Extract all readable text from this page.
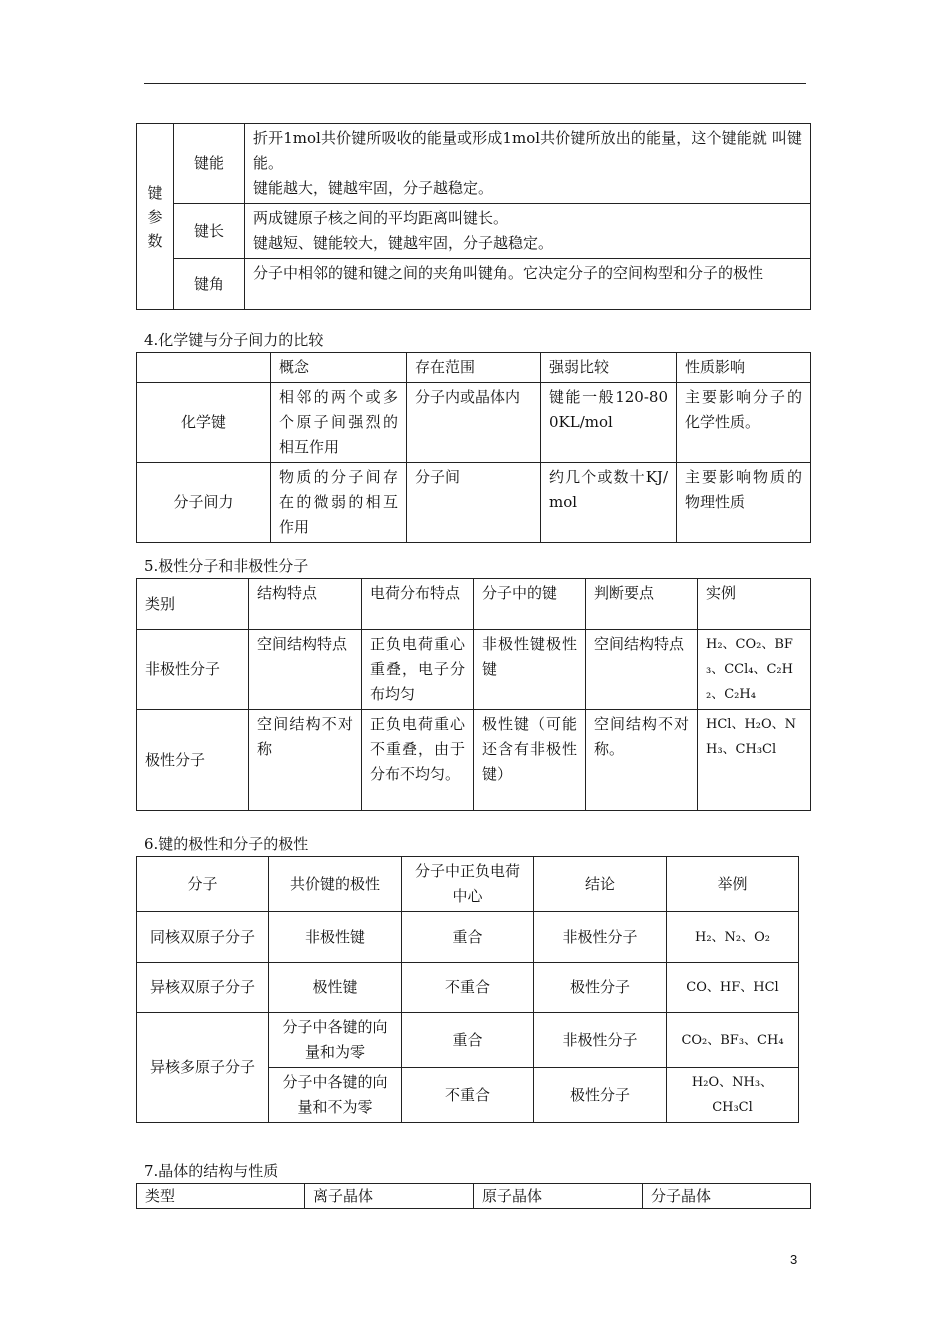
键
参
数	键能	折开1mol共价键所吸收的能量或形成1mol共价键所放出的能量，这个键能就 叫键能。
键能越大，键越牢固，分子越稳定。
	键长	两成键原子核之间的平均距离叫键长。
键越短、键能较大，键越牢固，分子越稳定。
	键角	分子中相邻的键和键之间的夹角叫键角。它决定分子的空间构型和分子的极性
4.化学键与分子间力的比较
	概念	存在范围	强弱比较	性质影响
化学键	相邻的两个或多个原子间强烈的相互作用	分子内或晶体内	键能一般120-800KL/mol	主要影响分子的化学性质。
分子间力	物质的分子间存在的微弱的相互作用	分子间	约几个或数十KJ/mol	主要影响物质的物理性质
5.极性分子和非极性分子
类别	结构特点	电荷分布特点	分子中的键	判断要点	实例
非极性分子	空间结构特点	正负电荷重心重叠，电子分布均匀	非极性键极性键	空间结构特点	H₂、CO₂、BF₃、CCl₄、C₂H₂、C₂H₄
极性分子	空间结构不对称	正负电荷重心不重叠，由于分布不均匀。	极性键（可能还含有非极性键）	空间结构不对称。	HCl、H₂O、NH₃、CH₃Cl
6.键的极性和分子的极性
分子	共价键的极性	分子中正负电荷中心	结论	举例
同核双原子分子	非极性键	重合	非极性分子	H₂、N₂、O₂
异核双原子分子	极性键	不重合	极性分子	CO、HF、HCl
异核多原子分子	分子中各键的向量和为零	重合	非极性分子	CO₂、BF₃、CH₄
	分子中各键的向量和不为零	不重合	极性分子	H₂O、NH₃、CH₃Cl
7.晶体的结构与性质
类型	离子晶体	原子晶体	分子晶体
3
